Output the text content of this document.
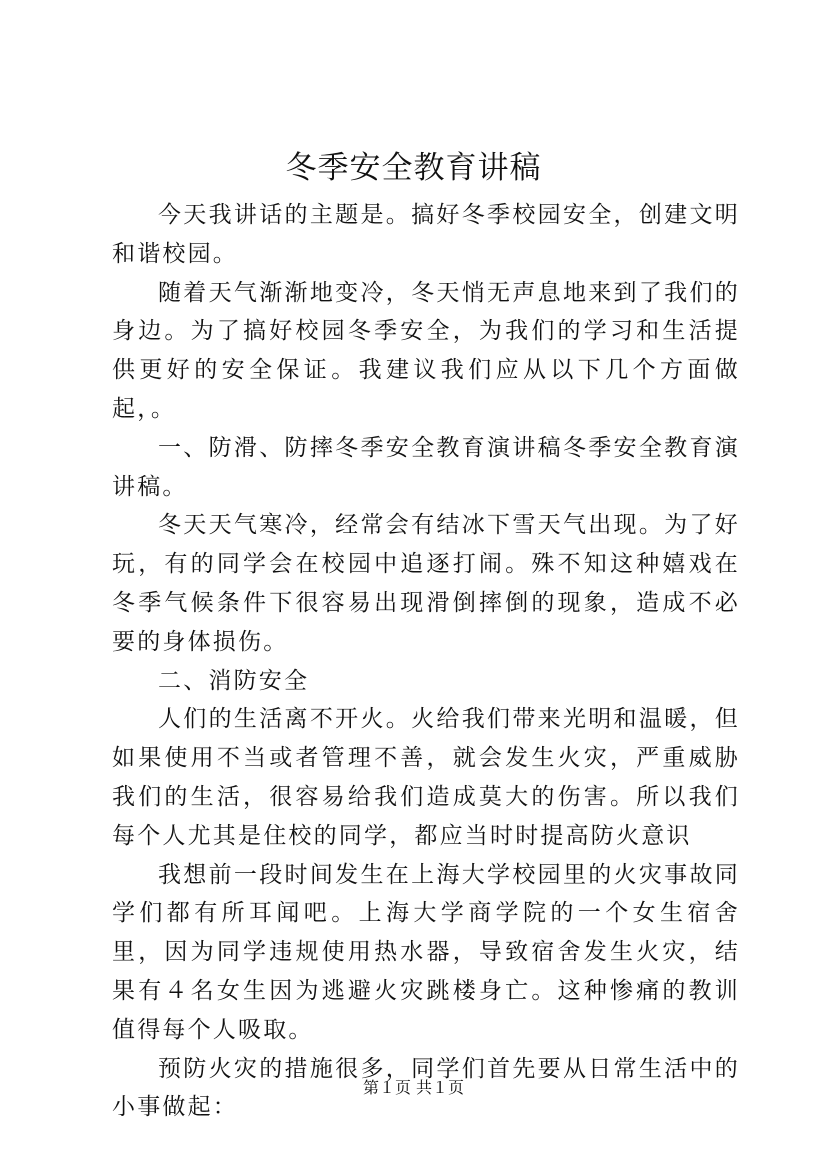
冬季安全教育讲稿

今天我讲话的主题是。搞好冬季校园安全，创建文明和谐校园。

随着天气渐渐地变冷，冬天悄无声息地来到了我们的身边。为了搞好校园冬季安全，为我们的学习和生活提供更好的安全保证。我建议我们应从以下几个方面做起，。

一、防滑、防摔冬季安全教育演讲稿冬季安全教育演讲稿。

冬天天气寒冷，经常会有结冰下雪天气出现。为了好玩，有的同学会在校园中追逐打闹。殊不知这种嬉戏在冬季气候条件下很容易出现滑倒摔倒的现象，造成不必要的身体损伤。

二、消防安全

人们的生活离不开火。火给我们带来光明和温暖，但如果使用不当或者管理不善，就会发生火灾，严重威胁我们的生活，很容易给我们造成莫大的伤害。所以我们每个人尤其是住校的同学，都应当时时提高防火意识

我想前一段时间发生在上海大学校园里的火灾事故同学们都有所耳闻吧。上海大学商学院的一个女生宿舍里，因为同学违规使用热水器，导致宿舍发生火灾，结果有４名女生因为逃避火灾跳楼身亡。这种惨痛的教训值得每个人吸取。

预防火灾的措施很多，同学们首先要从日常生活中的小事做起：

第１页 共１页
